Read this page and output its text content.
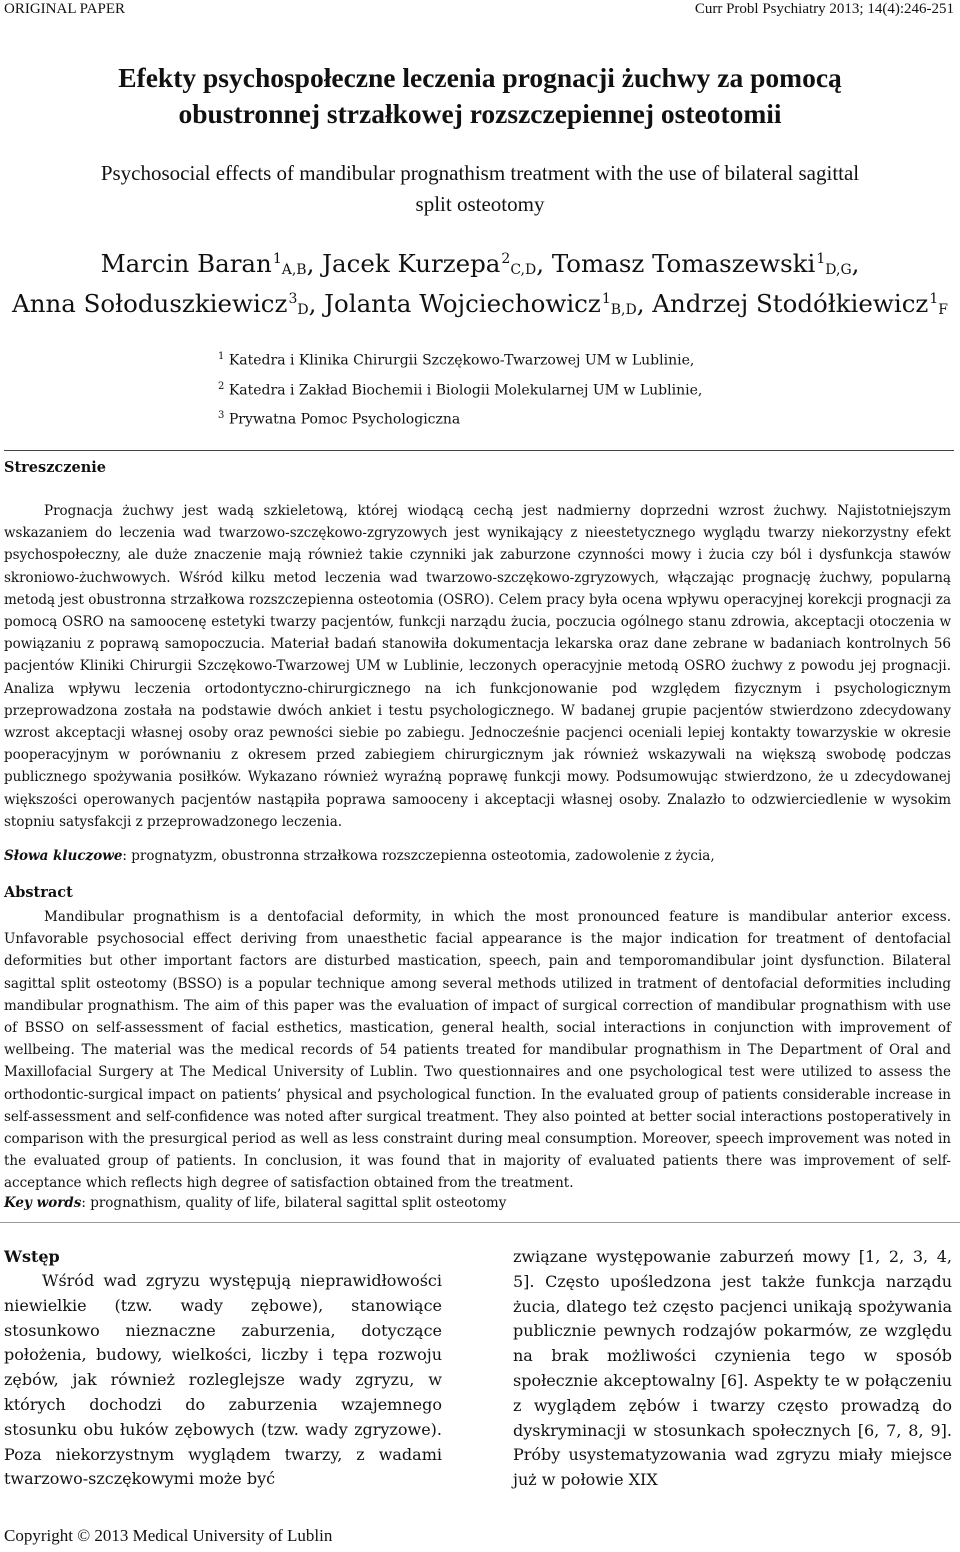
ORIGINAL PAPER	Curr Probl Psychiatry 2013; 14(4):246-251
Efekty psychospołeczne leczenia prognacji żuchwy za pomocą
obustronnej strzałkowej rozszczepiennej osteotomii
Psychosocial effects of mandibular prognathism treatment with the use of bilateral sagittal
split osteotomy
Marcin Baran$^1_{A,B}$, Jacek Kurzepa$^2_{C,D}$, Tomasz Tomaszewski$^1_{D,G}$,
Anna Sołoduszkiewicz$^3_D$, Jolanta Wojciechowicz$^1_{B,D}$, Andrzej Stodółkiewicz$^1_F$
$^1$ Katedra i Klinika Chirurgii Szczękowo-Twarzowej UM w Lublinie,
$^2$ Katedra i Zakład Biochemii i Biologii Molekularnej UM w Lublinie,
$^3$ Prywatna Pomoc Psychologiczna
Streszczenie
Prognacja żuchwy jest wadą szkieletową, której wiodącą cechą jest nadmierny doprzedni wzrost żuchwy. Najistotniejszym wskazaniem do leczenia wad twarzowo-szczękowo-zgryzowych jest wynikający z nieestetycznego wyglądu twarzy niekorzystny efekt psychospołeczny, ale duże znaczenie mają również takie czynniki jak zaburzone czynności mowy i żucia czy ból i dysfunkcja stawów skroniowo-żuchwowych. Wśród kilku metod leczenia wad twarzowo-szczękowo-zgryzowych, włączając prognację żuchwy, popularną metodą jest obustronna strzałkowa rozszczepienna osteotomia (OSRO). Celem pracy była ocena wpływu operacyjnej korekcji prognacji za pomocą OSRO na samoocenę estetyki twarzy pacjentów, funkcji narządu żucia, poczucia ogólnego stanu zdrowia, akceptacji otoczenia w powiązaniu z poprawą samopoczucia. Materiał badań stanowiła dokumentacja lekarska oraz dane zebrane w badaniach kontrolnych 56 pacjentów Kliniki Chirurgii Szczękowo-Twarzowej UM w Lublinie, leczonych operacyjnie metodą OSRO żuchwy z powodu jej prognacji. Analiza wpływu leczenia ortodontyczno-chirurgicznego na ich funkcjonowanie pod względem fizycznym i psychologicznym przeprowadzona została na podstawie dwóch ankiet i testu psychologicznego. W badanej grupie pacjentów stwierdzono zdecydowany wzrost akceptacji własnej osoby oraz pewności siebie po zabiegu. Jednocześnie pacjenci oceniali lepiej kontakty towarzyskie w okresie pooperacyjnym w porównaniu z okresem przed zabiegiem chirurgicznym jak również wskazywali na większą swobodę podczas publicznego spożywania posiłków. Wykazano również wyraźną poprawę funkcji mowy. Podsumowując stwierdzono, że u zdecydowanej większości operowanych pacjentów nastąpiła poprawa samooceny i akceptacji własnej osoby. Znalazło to odzwierciedlenie w wysokim stopniu satysfakcji z przeprowadzonego leczenia.
Słowa kluczowe: prognatyzm, obustronna strzałkowa rozszczepienna osteotomia, zadowolenie z życia,
Abstract
Mandibular prognathism is a dentofacial deformity, in which the most pronounced feature is mandibular anterior excess. Unfavorable psychosocial effect deriving from unaesthetic facial appearance is the major indication for treatment of dentofacial deformities but other important factors are disturbed mastication, speech, pain and temporomandibular joint dysfunction. Bilateral sagittal split osteotomy (BSSO) is a popular technique among several methods utilized in tratment of dentofacial deformities including mandibular prognathism. The aim of this paper was the evaluation of impact of surgical correction of mandibular prognathism with use of BSSO on self-assessment of facial esthetics, mastication, general health, social interactions in conjunction with improvement of wellbeing. The material was the medical records of 54 patients treated for mandibular prognathism in The Department of Oral and Maxillofacial Surgery at The Medical University of Lublin. Two questionnaires and one psychological test were utilized to assess the orthodontic-surgical impact on patients’ physical and psychological function. In the evaluated group of patients considerable increase in self-assessment and self-confidence was noted after surgical treatment. They also pointed at better social interactions postoperatively in comparison with the presurgical period as well as less constraint during meal consumption. Moreover, speech improvement was noted in the evaluated group of patients. In conclusion, it was found that in majority of evaluated patients there was improvement of self-acceptance which reflects high degree of satisfaction obtained from the treatment.
Key words: prognathism, quality of life, bilateral sagittal split osteotomy
Wstęp
Wśród wad zgryzu występują nieprawidłowości niewielkie (tzw. wady zębowe), stanowiące stosunkowo nieznaczne zaburzenia, dotyczące położenia, budowy, wielkości, liczby i tępa rozwoju zębów, jak również rozleglejsze wady zgryzu, w których dochodzi do zaburzenia wzajemnego stosunku obu łuków zębowych (tzw. wady zgryzowe). Poza niekorzystnym wyglądem twarzy, z wadami twarzowo-szczękowymi może być
związane występowanie zaburzeń mowy [1, 2, 3, 4, 5]. Często upośledzona jest także funkcja narządu żucia, dlatego też często pacjenci unikają spożywania publicznie pewnych rodzajów pokarmów, ze względu na brak możliwości czynienia tego w sposób społecznie akceptowalny [6]. Aspekty te w połączeniu z wyglądem zębów i twarzy często prowadzą do dyskryminacji w stosunkach społecznych [6, 7, 8, 9]. Próby usystematyzowania wad zgryzu miały miejsce już w połowie XIX
Copyright © 2013 Medical University of Lublin
